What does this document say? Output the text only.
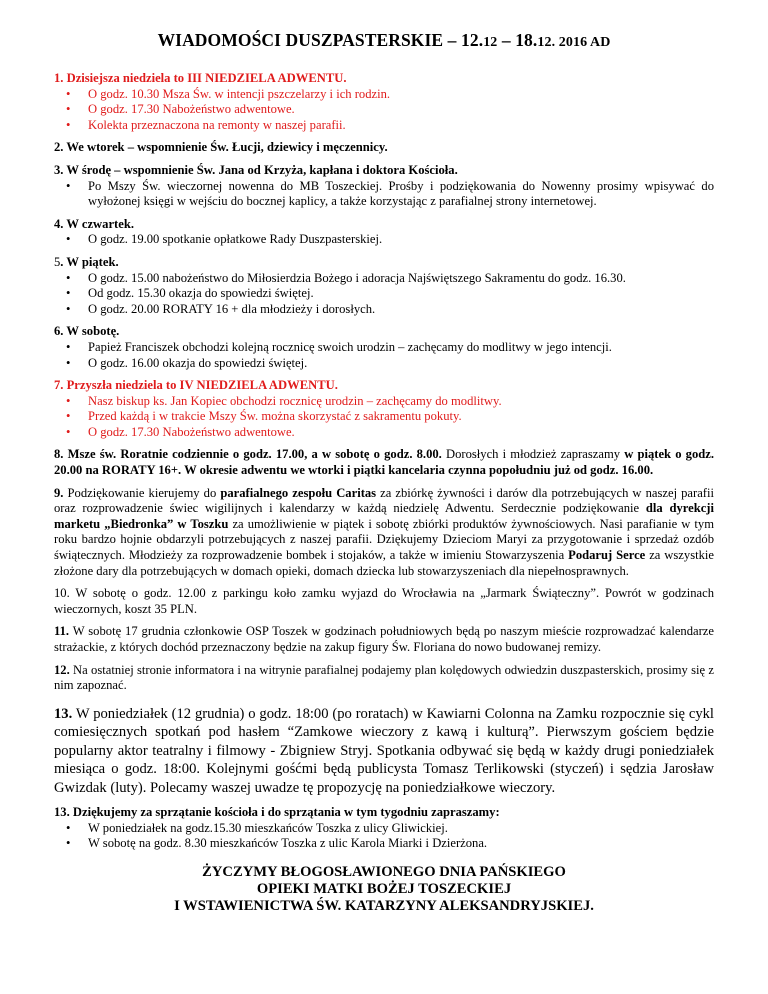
WIADOMOŚCI DUSZPASTERSKIE – 12.12 – 18.12. 2016 AD
1. Dzisiejsza niedziela to III NIEDZIELA ADWENTU.
• O godz. 10.30 Msza Św. w intencji pszczelarzy i ich rodzin.
• O godz. 17.30 Nabożeństwo adwentowe.
• Kolekta przeznaczona na remonty w naszej parafii.
2. We wtorek – wspomnienie Św. Łucji, dziewicy i męczennicy.
3. W środę – wspomnienie Św. Jana od Krzyża, kapłana i doktora Kościoła.
• Po Mszy Św. wieczornej nowenna do MB Toszeckiej. Prośby i podziękowania do Nowenny prosimy wpisywać do wyłożonej księgi w wejściu do bocznej kaplicy, a także korzystając z parafialnej strony internetowej.
4. W czwartek.
• O godz. 19.00 spotkanie opłatkowe Rady Duszpasterskiej.
5. W piątek.
• O godz. 15.00 nabożeństwo do Miłosierdzia Bożego i adoracja Najświętszego Sakramentu do godz. 16.30.
• Od godz. 15.30 okazja do spowiedzi świętej.
• O godz. 20.00 RORATY 16 + dla młodzieży i dorosłych.
6. W sobotę.
• Papież Franciszek obchodzi kolejną rocznicę swoich urodzin – zachęcamy do modlitwy w jego intencji.
• O godz. 16.00 okazja do spowiedzi świętej.
7. Przyszła niedziela to IV NIEDZIELA ADWENTU.
• Nasz biskup ks. Jan Kopiec obchodzi rocznicę urodzin – zachęcamy do modlitwy.
• Przed każdą i w trakcie Mszy Św. można skorzystać z sakramentu pokuty.
• O godz. 17.30 Nabożeństwo adwentowe.
8. Msze św. Roratnie codziennie o godz. 17.00, a w sobotę o godz. 8.00. Dorosłych i młodzież zapraszamy w piątek o godz. 20.00 na RORATY 16+. W okresie adwentu we wtorki i piątki kancelaria czynna popołudniu już od godz. 16.00.
9. Podziękowanie kierujemy do parafialnego zespołu Caritas za zbiórkę żywności i darów dla potrzebujących w naszej parafii oraz rozprowadzenie świec wigilijnych i kalendarzy w każdą niedzielę Adwentu. Serdecznie podziękowanie dla dyrekcji marketu „Biedronka” w Toszku za umożliwienie w piątek i sobotę zbiórki produktów żywnościowych. Nasi parafianie w tym roku bardzo hojnie obdarzyli potrzebujących z naszej parafii. Dziękujemy Dzieciom Maryi za przygotowanie i sprzedaż ozdób świątecznych. Młodzieży za rozprowadzenie bombek i stojaków, a także w imieniu Stowarzyszenia Podaruj Serce za wszystkie złożone dary dla potrzebujących w domach opieki, domach dziecka lub stowarzyszeniach dla niepełnosprawnych.
10. W sobotę o godz. 12.00 z parkingu koło zamku wyjazd do Wrocławia na „Jarmark Świąteczny”. Powrót w godzinach wieczornych, koszt 35 PLN.
11. W sobotę 17 grudnia członkowie OSP Toszek w godzinach południowych będą po naszym mieście rozprowadzać kalendarze strażackie, z których dochód przeznaczony będzie na zakup figury Św. Floriana do nowo budowanej remizy.
12. Na ostatniej stronie informatora i na witrynie parafialnej podajemy plan kolędowych odwiedzin duszpasterskich, prosimy się z nim zapoznać.
13. W poniedziałek (12 grudnia) o godz. 18:00 (po roratach) w Kawiarni Colonna na Zamku rozpocznie się cykl comiesięcznych spotkań pod hasłem “Zamkowe wieczory z kawą i kulturą”. Pierwszym gościem będzie popularny aktor teatralny i filmowy - Zbigniew Stryj. Spotkania odbywać się będą w każdy drugi poniedziałek miesiąca o godz. 18:00. Kolejnymi gośćmi będą publicysta Tomasz Terlikowski (styczeń) i sędzia Jarosław Gwizdak (luty). Polecamy waszej uwadze tę propozycję na poniedziałkowe wieczory.
13. Dziękujemy za sprzątanie kościoła i do sprzątania w tym tygodniu zapraszamy:
• W poniedziałek na godz.15.30 mieszkańców Toszka z ulicy Gliwickiej.
• W sobotę na godz. 8.30 mieszkańców Toszka z ulic Karola Miarki i Dzierżona.
ŻYCZYMY BŁOGOSŁAWIONEGO DNIA PAŃSKIEGO
OPIEKI MATKI BOŻEJ TOSZECKIEJ
I WSTAWIENICTWA ŚW. KATARZYNY ALEKSANDRYJSKIEJ.
